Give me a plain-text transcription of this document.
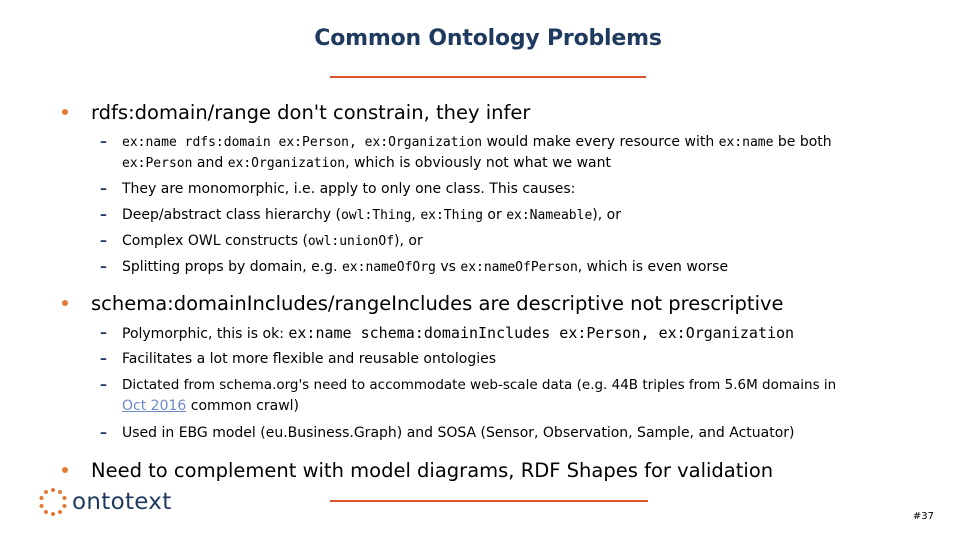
Common Ontology Problems
rdfs:domain/range don't constrain, they infer
– ex:name rdfs:domain ex:Person, ex:Organization would make every resource with ex:name be both
ex:Person and ex:Organization, which is obviously not what we want
– They are monomorphic, i.e. apply to only one class. This causes:
– Deep/abstract class hierarchy (owl:Thing, ex:Thing or ex:Nameable), or
– Complex OWL constructs (owl:unionOf), or
– Splitting props by domain, e.g. ex:nameOfOrg vs ex:nameOfPerson, which is even worse
schema:domainIncludes/rangeIncludes are descriptive not prescriptive
– Polymorphic, this is ok: ex:name schema:domainIncludes ex:Person, ex:Organization
– Facilitates a lot more flexible and reusable ontologies
– Dictated from schema.org's need to accommodate web-scale data (e.g. 44B triples from 5.6M domains in
Oct 2016 common crawl)
– Used in EBG model (eu.Business.Graph) and SOSA (Sensor, Observation, Sample, and Actuator)
Need to complement with model diagrams, RDF Shapes for validation
ontotext
#37
